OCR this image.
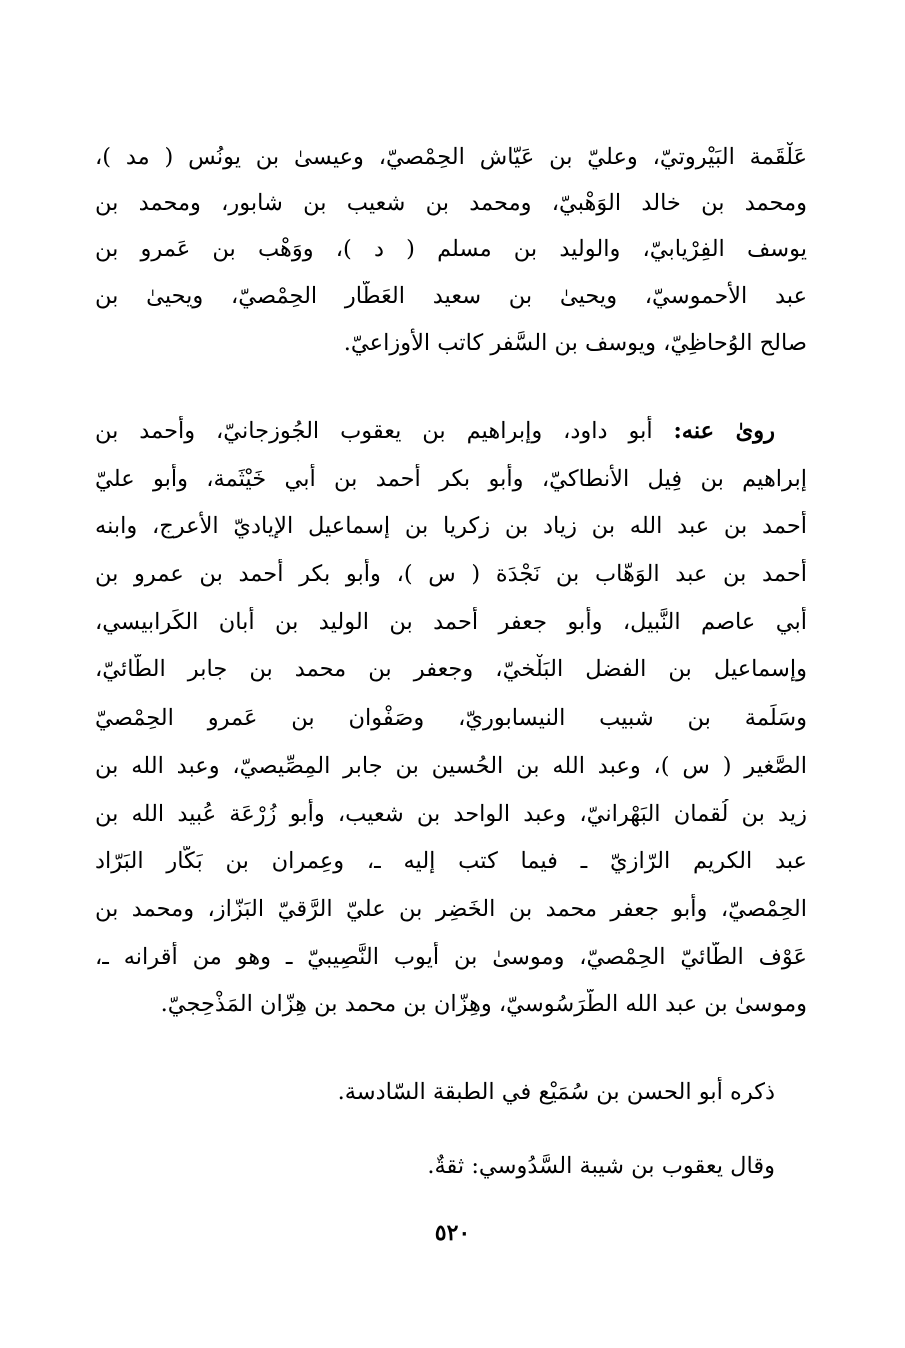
عَلْقَمة البَيْروتيّ، وعليّ بن عَيّاش الحِمْصيّ، وعيسىٰ بن يونُس ( مد )،
ومحمد بن خالد الوَهْبيّ، ومحمد بن شعيب بن شابور، ومحمد بن
يوسف الفِرْيابيّ، والوليد بن مسلم ( د )، ووَهْب بن عَمرو بن
عبد الأحموسيّ، ويحيىٰ بن سعيد العَطّار الحِمْصيّ، ويحيىٰ بن
صالح الوُحاظِيّ، ويوسف بن السَّفر كاتب الأوزاعيّ.
روىٰ عنه: أبو داود، وإبراهيم بن يعقوب الجُوزجانيّ، وأحمد بن
إبراهيم بن فِيل الأنطاكيّ، وأبو بكر أحمد بن أبي خَيْثَمة، وأبو عليّ
أحمد بن عبد الله بن زياد بن زكريا بن إسماعيل الإياديّ الأعرج، وابنه
أحمد بن عبد الوَهّاب بن نَجْدَة ( س )، وأبو بكر أحمد بن عمرو بن
أبي عاصم النَّبيل، وأبو جعفر أحمد بن الوليد بن أبان الكَرابيسي،
وإسماعيل بن الفضل البَلْخيّ، وجعفر بن محمد بن جابر الطّائيّ،
وسَلَمة بن شبيب النيسابوريّ، وصَفْوان بن عَمرو الحِمْصيّ
الصَّغير ( س )، وعبد الله بن الحُسين بن جابر المِصِّيصيّ، وعبد الله بن
زيد بن لُقمان البَهْرانيّ، وعبد الواحد بن شعيب، وأبو زُرْعَة عُبيد الله بن
عبد الكريم الرّازيّ ـ فيما كتب إليه ـ، وعِمران بن بَكّار البَرّاد
الحِمْصيّ، وأبو جعفر محمد بن الخَضِر بن عليّ الرَّقيّ البَزّاز، ومحمد بن
عَوْف الطّائيّ الحِمْصيّ، وموسىٰ بن أيوب النَّصِيبيّ ـ وهو من أقرانه ـ،
وموسىٰ بن عبد الله الطَّرَسُوسيّ، وهِزّان بن محمد بن هِزّان المَذْحِجيّ.
ذكره أبو الحسن بن سُمَيْع في الطبقة السّادسة.
وقال يعقوب بن شيبة السَّدُوسي: ثقةٌ.
٥٢٠
